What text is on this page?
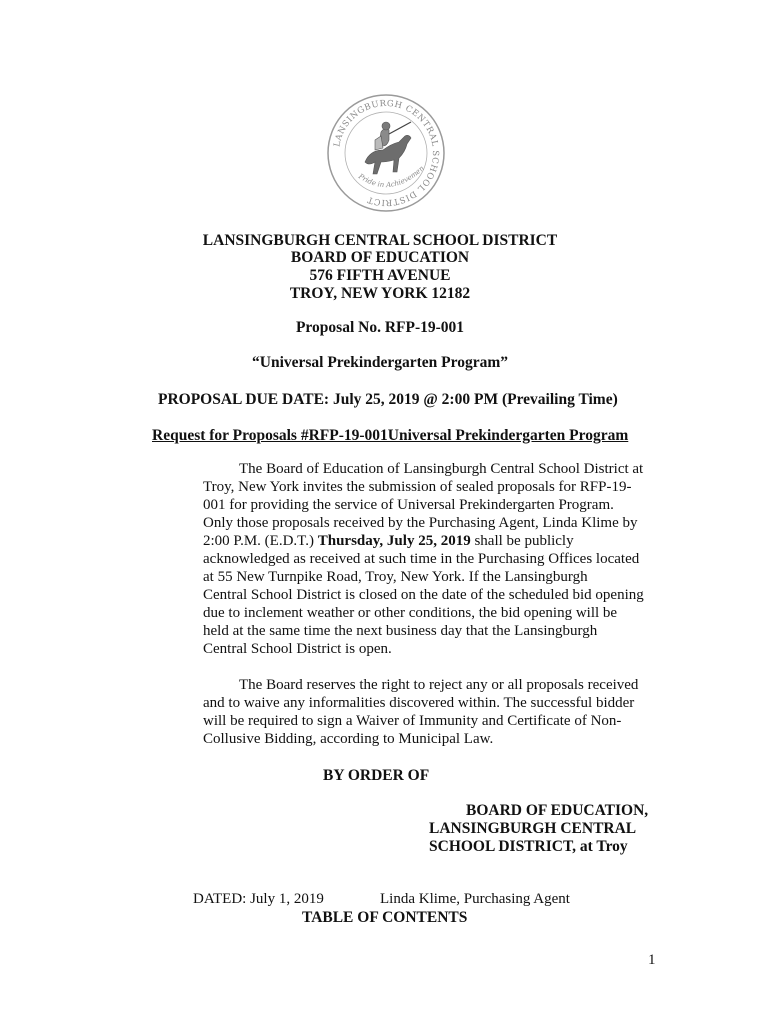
LANSINGBURGH CENTRAL SCHOOL DISTRICT
Pride in Achievemen
LANSINGBURGH CENTRAL SCHOOL DISTRICT
BOARD OF EDUCATION
576 FIFTH AVENUE
TROY, NEW YORK 12182
Proposal No. RFP-19-001
“Universal Prekindergarten Program”
PROPOSAL DUE DATE: July 25, 2019 @ 2:00 PM (Prevailing Time)
Request for Proposals #RFP-19-001Universal Prekindergarten Program
The Board of Education of Lansingburgh Central School District at
Troy, New York invites the submission of sealed proposals for RFP-19-
001 for providing the service of Universal Prekindergarten Program.
Only those proposals received by the Purchasing Agent, Linda Klime by
2:00 P.M. (E.D.T.) Thursday, July 25, 2019 shall be publicly
acknowledged as received at such time in the Purchasing Offices located
at 55 New Turnpike Road, Troy, New York. If the Lansingburgh
Central School District is closed on the date of the scheduled bid opening
due to inclement weather or other conditions, the bid opening will be
held at the same time the next business day that the Lansingburgh
Central School District is open.
The Board reserves the right to reject any or all proposals received
and to waive any informalities discovered within. The successful bidder
will be required to sign a Waiver of Immunity and Certificate of Non-
Collusive Bidding, according to Municipal Law.
BY ORDER OF
BOARD OF EDUCATION,
LANSINGBURGH CENTRAL
SCHOOL DISTRICT, at Troy
DATED: July 1, 2019	Linda Klime, Purchasing Agent
TABLE OF CONTENTS
1
